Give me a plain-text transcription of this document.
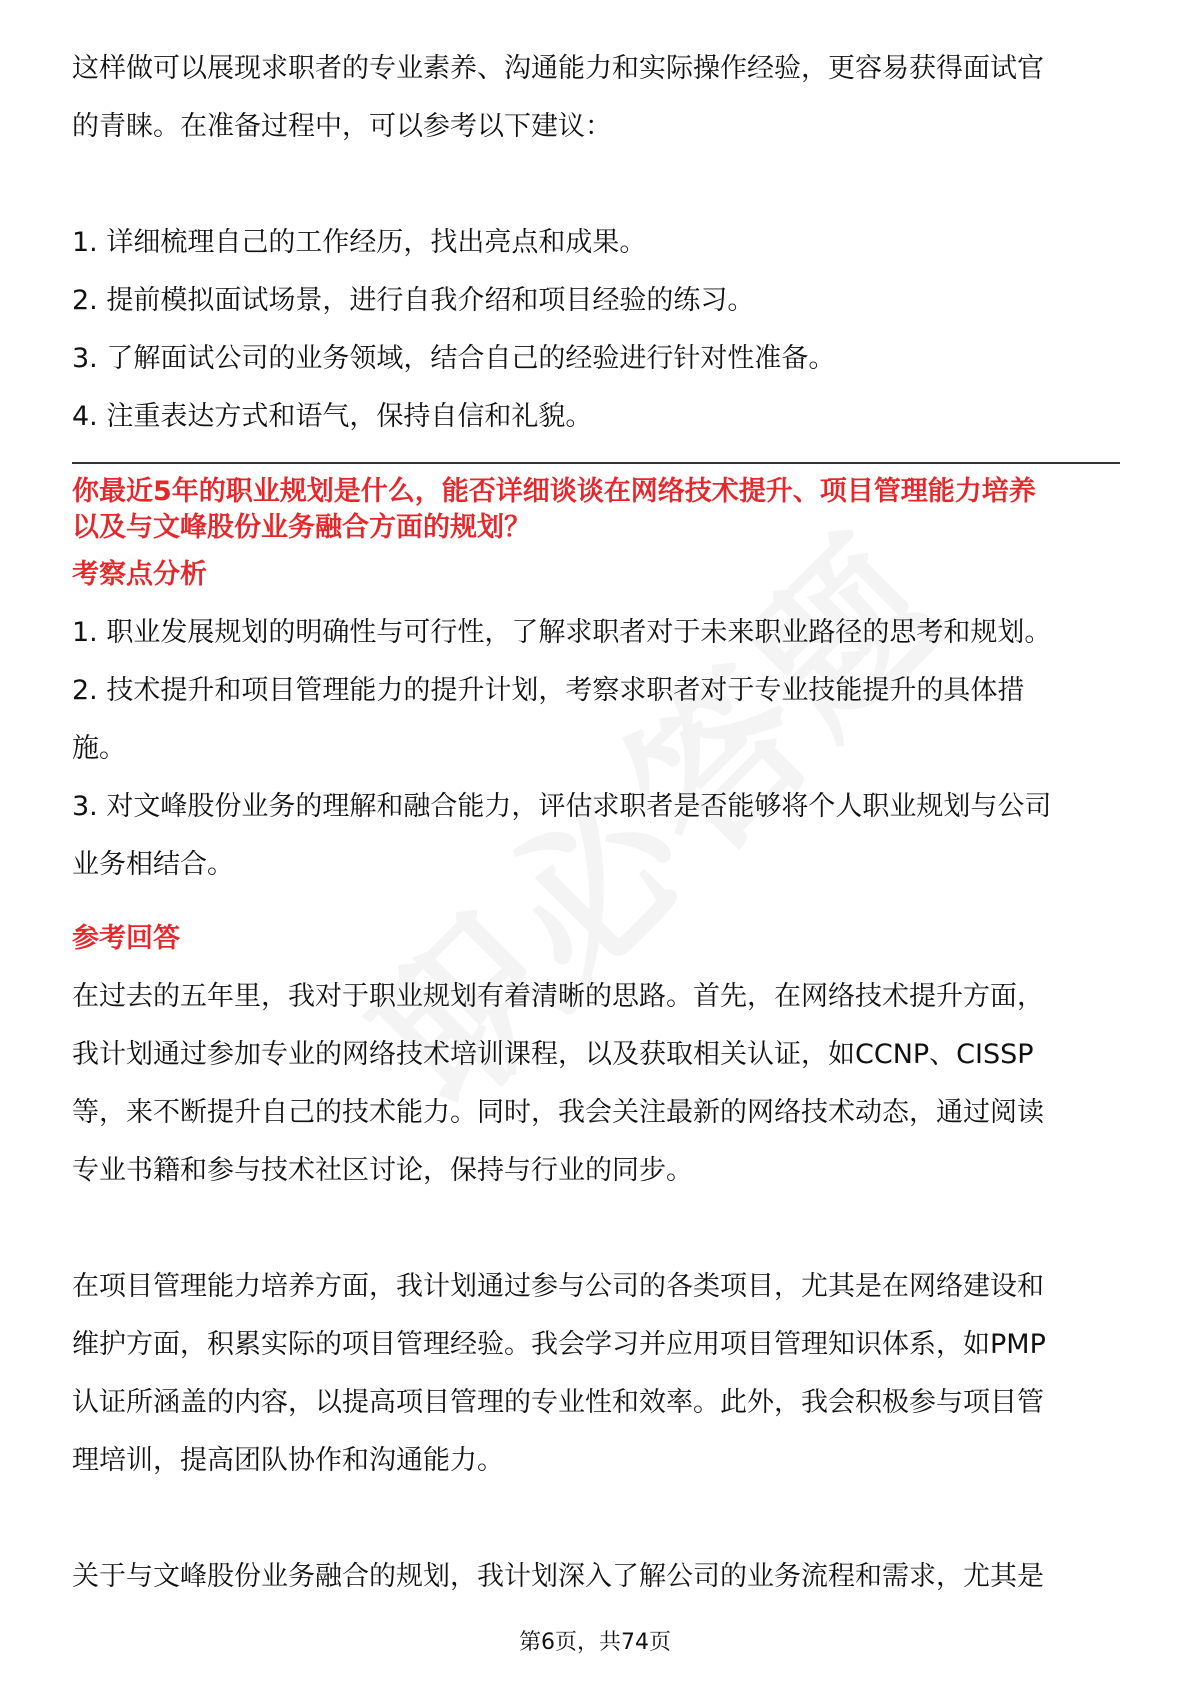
这样做可以展现求职者的专业素养、沟通能力和实际操作经验，更容易获得面试官

的青睐。在准备过程中，可以参考以下建议：

1. 详细梳理自己的工作经历，找出亮点和成果。
2. 提前模拟面试场景，进行自我介绍和项目经验的练习。
3. 了解面试公司的业务领域，结合自己的经验进行针对性准备。
4. 注重表达方式和语气，保持自信和礼貌。

你最近5年的职业规划是什么，能否详细谈谈在网络技术提升、项目管理能力培养

以及与文峰股份业务融合方面的规划？

考察点分析

1. 职业发展规划的明确性与可行性，了解求职者对于未来职业路径的思考和规划。

2. 技术提升和项目管理能力的提升计划，考察求职者对于专业技能提升的具体措

施。

3. 对文峰股份业务的理解和融合能力，评估求职者是否能够将个人职业规划与公司

业务相结合。

参考回答

在过去的五年里，我对于职业规划有着清晰的思路。首先，在网络技术提升方面，

我计划通过参加专业的网络技术培训课程，以及获取相关认证，如CCNP、CISSP

等，来不断提升自己的技术能力。同时，我会关注最新的网络技术动态，通过阅读

专业书籍和参与技术社区讨论，保持与行业的同步。

在项目管理能力培养方面，我计划通过参与公司的各类项目，尤其是在网络建设和

维护方面，积累实际的项目管理经验。我会学习并应用项目管理知识体系，如PMP

认证所涵盖的内容，以提高项目管理的专业性和效率。此外，我会积极参与项目管

理培训，提高团队协作和沟通能力。

关于与文峰股份业务融合的规划，我计划深入了解公司的业务流程和需求，尤其是

第6页，共74页
